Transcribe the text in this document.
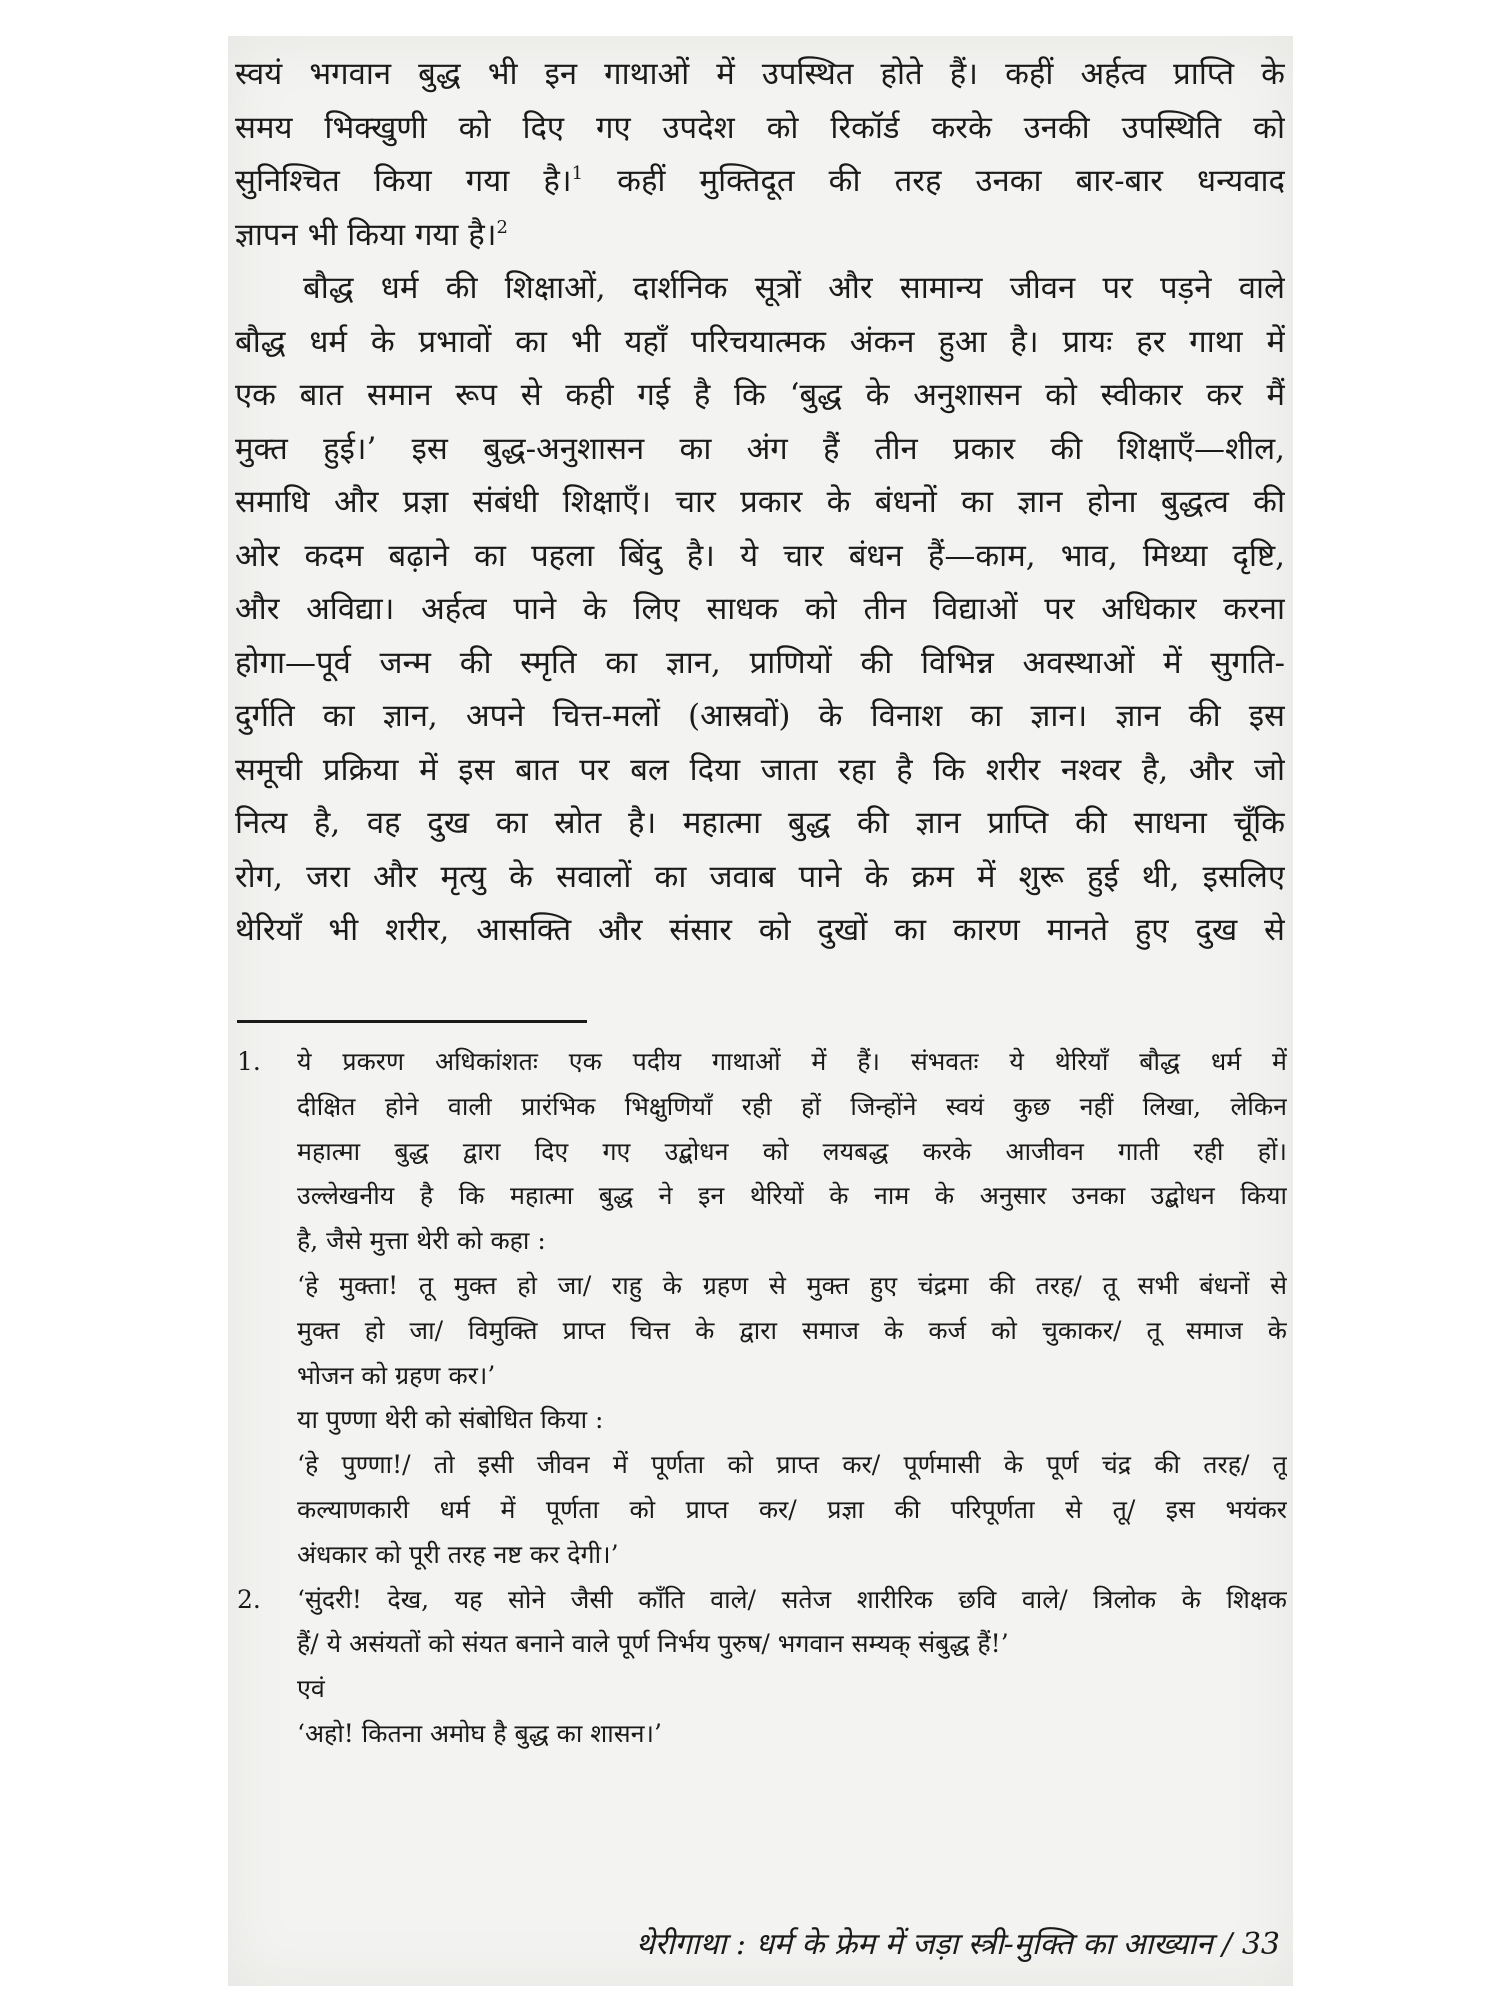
स्वयं भगवान बुद्ध भी इन गाथाओं में उपस्थित होते हैं। कहीं अर्हत्व प्राप्ति के
समय भिक्खुणी को दिए गए उपदेश को रिकॉर्ड करके उनकी उपस्थिति को
सुनिश्चित किया गया है।$^1$ कहीं मुक्तिदूत की तरह उनका बार-बार धन्यवाद
ज्ञापन भी किया गया है।$^2$
बौद्ध धर्म की शिक्षाओं, दार्शनिक सूत्रों और सामान्य जीवन पर पड़ने वाले
बौद्ध धर्म के प्रभावों का भी यहाँ परिचयात्मक अंकन हुआ है। प्रायः हर गाथा में
एक बात समान रूप से कही गई है कि ‘बुद्ध के अनुशासन को स्वीकार कर मैं
मुक्त हुई।’ इस बुद्ध-अनुशासन का अंग हैं तीन प्रकार की शिक्षाएँ—शील,
समाधि और प्रज्ञा संबंधी शिक्षाएँ। चार प्रकार के बंधनों का ज्ञान होना बुद्धत्व की
ओर कदम बढ़ाने का पहला बिंदु है। ये चार बंधन हैं—काम, भाव, मिथ्या दृष्टि,
और अविद्या। अर्हत्व पाने के लिए साधक को तीन विद्याओं पर अधिकार करना
होगा—पूर्व जन्म की स्मृति का ज्ञान, प्राणियों की विभिन्न अवस्थाओं में सुगति-
दुर्गति का ज्ञान, अपने चित्त-मलों (आस्रवों) के विनाश का ज्ञान। ज्ञान की इस
समूची प्रक्रिया में इस बात पर बल दिया जाता रहा है कि शरीर नश्वर है, और जो
नित्य है, वह दुख का स्रोत है। महात्मा बुद्ध की ज्ञान प्राप्ति की साधना चूँकि
रोग, जरा और मृत्यु के सवालों का जवाब पाने के क्रम में शुरू हुई थी, इसलिए
थेरियाँ भी शरीर, आसक्ति और संसार को दुखों का कारण मानते हुए दुख से
1.	ये प्रकरण अधिकांशतः एक पदीय गाथाओं में हैं। संभवतः ये थेरियाँ बौद्ध धर्म में
दीक्षित होने वाली प्रारंभिक भिक्षुणियाँ रही हों जिन्होंने स्वयं कुछ नहीं लिखा, लेकिन
महात्मा बुद्ध द्वारा दिए गए उद्बोधन को लयबद्ध करके आजीवन गाती रही हों।
उल्लेखनीय है कि महात्मा बुद्ध ने इन थेरियों के नाम के अनुसार उनका उद्बोधन किया
है, जैसे मुत्ता थेरी को कहा :
‘हे मुक्ता! तू मुक्त हो जा/ राहु के ग्रहण से मुक्त हुए चंद्रमा की तरह/ तू सभी बंधनों से
मुक्त हो जा/ विमुक्ति प्राप्त चित्त के द्वारा समाज के कर्ज को चुकाकर/ तू समाज के
भोजन को ग्रहण कर।’
या पुण्णा थेरी को संबोधित किया :
‘हे पुण्णा!/ तो इसी जीवन में पूर्णता को प्राप्त कर/ पूर्णमासी के पूर्ण चंद्र की तरह/ तू
कल्याणकारी धर्म में पूर्णता को प्राप्त कर/ प्रज्ञा की परिपूर्णता से तू/ इस भयंकर
अंधकार को पूरी तरह नष्ट कर देगी।’
2.	‘सुंदरी! देख, यह सोने जैसी काँति वाले/ सतेज शारीरिक छवि वाले/ त्रिलोक के शिक्षक
हैं/ ये असंयतों को संयत बनाने वाले पूर्ण निर्भय पुरुष/ भगवान सम्यक् संबुद्ध हैं!’
एवं
‘अहो! कितना अमोघ है बुद्ध का शासन।’
थेरीगाथा : धर्म के फ्रेम में जड़ा स्त्री-मुक्ति का आख्यान / 33
